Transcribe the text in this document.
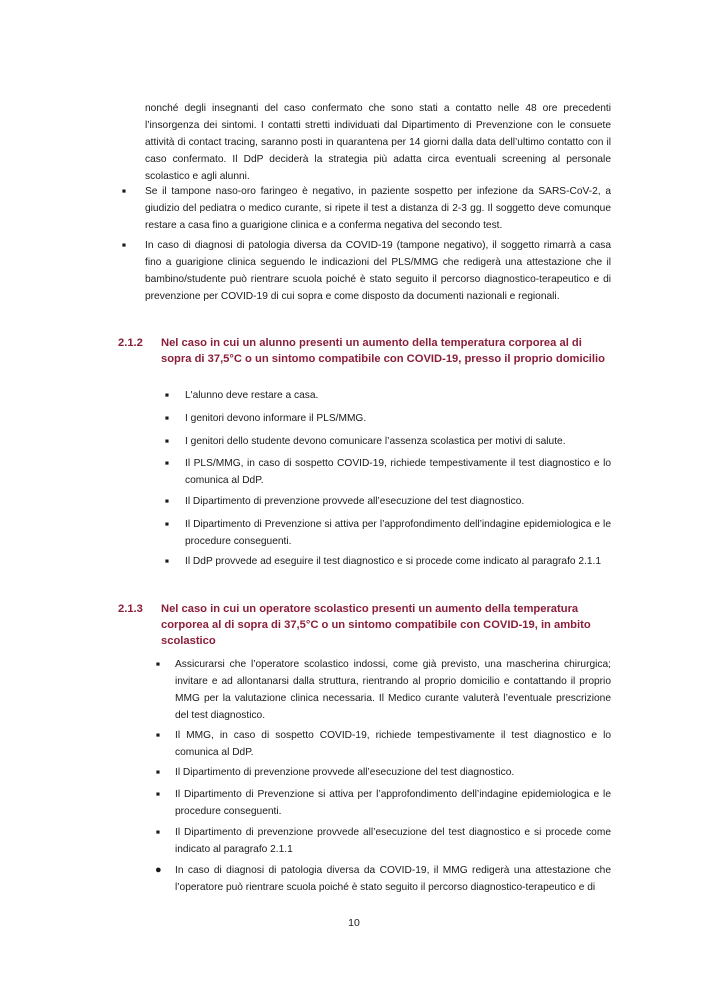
nonché degli insegnanti del caso confermato che sono stati a contatto nelle 48 ore precedenti l’insorgenza dei sintomi. I contatti stretti individuati dal Dipartimento di Prevenzione con le consuete attività di contact tracing, saranno posti in quarantena per 14 giorni dalla data dell’ultimo contatto con il caso confermato. Il DdP deciderà la strategia più adatta circa eventuali screening al personale scolastico e agli alunni.

■ Se il tampone naso-oro faringeo è negativo, in paziente sospetto per infezione da SARS-CoV-2, a giudizio del pediatra o medico curante, si ripete il test a distanza di 2-3 gg. Il soggetto deve comunque restare a casa fino a guarigione clinica e a conferma negativa del secondo test.

■ In caso di diagnosi di patologia diversa da COVID-19 (tampone negativo), il soggetto rimarrà a casa fino a guarigione clinica seguendo le indicazioni del PLS/MMG che redigerà una attestazione che il bambino/studente può rientrare scuola poiché è stato seguito il percorso diagnostico-terapeutico e di prevenzione per COVID-19 di cui sopra e come disposto da documenti nazionali e regionali.

2.1.2 Nel caso in cui un alunno presenti un aumento della temperatura corporea al di sopra di 37,5°C o un sintomo compatibile con COVID-19, presso il proprio domicilio
■ L'alunno deve restare a casa.

■ I genitori devono informare il PLS/MMG.

■ I genitori dello studente devono comunicare l’assenza scolastica per motivi di salute.

■ Il PLS/MMG, in caso di sospetto COVID-19, richiede tempestivamente il test diagnostico e lo comunica al DdP.

■ Il Dipartimento di prevenzione provvede all’esecuzione del test diagnostico.

■ Il Dipartimento di Prevenzione si attiva per l’approfondimento dell’indagine epidemiologica e le procedure conseguenti.

■ Il DdP provvede ad eseguire il test diagnostico e si procede come indicato al paragrafo 2.1.1

2.1.3 Nel caso in cui un operatore scolastico presenti un aumento della temperatura corporea al di sopra di 37,5°C o un sintomo compatibile con COVID-19, in ambito scolastico
■ Assicurarsi che l’operatore scolastico indossi, come già previsto, una mascherina chirurgica; invitare e ad allontanarsi dalla struttura, rientrando al proprio domicilio e contattando il proprio MMG per la valutazione clinica necessaria. Il Medico curante valuterà l’eventuale prescrizione del test diagnostico.

■ Il MMG, in caso di sospetto COVID-19, richiede tempestivamente il test diagnostico e lo comunica al DdP.

■ Il Dipartimento di prevenzione provvede all’esecuzione del test diagnostico.

■ Il Dipartimento di Prevenzione si attiva per l’approfondimento dell’indagine epidemiologica e le procedure conseguenti.

■ Il Dipartimento di prevenzione provvede all’esecuzione del test diagnostico e si procede come indicato al paragrafo 2.1.1

● In caso di diagnosi di patologia diversa da COVID-19, il MMG redigerà una attestazione che l’operatore può rientrare scuola poiché è stato seguito il percorso diagnostico-terapeutico e di

10
